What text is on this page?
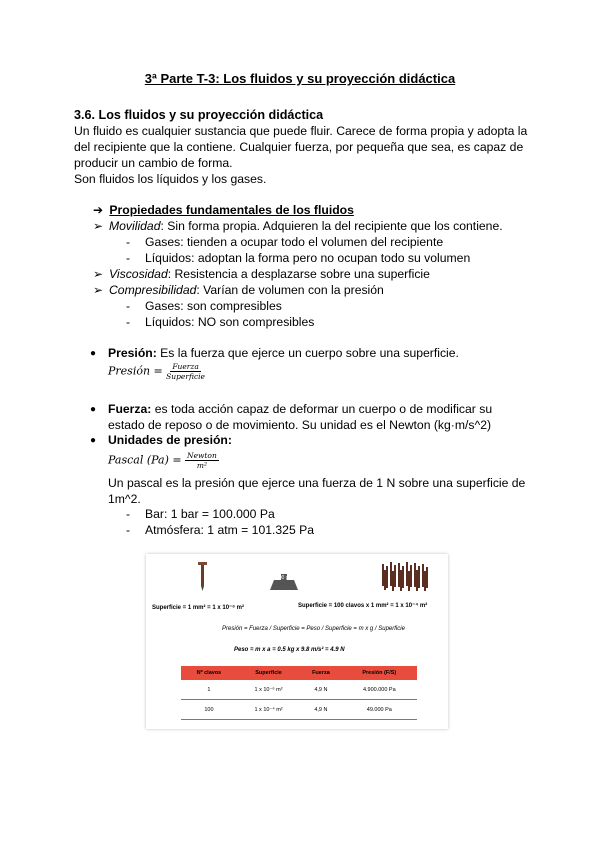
3ª Parte T-3: Los fluidos y su proyección didáctica
3.6. Los fluidos y su proyección didáctica
Un fluido es cualquier sustancia que puede fluir. Carece de forma propia y adopta la
del recipiente que la contiene. Cualquier fuerza, por pequeña que sea, es capaz de
producir un cambio de forma.
Son fluidos los líquidos y los gases.
➔ Propiedades fundamentales de los fluidos
➢ Movilidad: Sin forma propia. Adquieren la del recipiente que los contiene.
- Gases: tienden a ocupar todo el volumen del recipiente
- Líquidos: adoptan la forma pero no ocupan todo su volumen
➢ Viscosidad: Resistencia a desplazarse sobre una superficie
➢ Compresibilidad: Varían de volumen con la presión
- Gases: son compresibles
- Líquidos: NO son compresibles
● Presión: Es la fuerza que ejerce un cuerpo sobre una superficie.
Presión = $\frac{\text{Fuerza}}{\text{Superficie}}$
● Fuerza: es toda acción capaz de deformar un cuerpo o de modificar su
estado de reposo o de movimiento. Su unidad es el Newton (kg·m/s^2)
● Unidades de presión:
Pascal $(Pa) = \frac{\text{Newton}}{\text{m²}}$
Un pascal es la presión que ejerce una fuerza de 1 N sobre una superficie de
1m^2.
- Bar: 1 bar = 100.000 Pa
- Atmósfera: 1 atm = 101.325 Pa
500 g
Superficie = 1 mm² = 1 x 10⁻⁶ m²	Superficie = 100 clavos x 1 mm² = 1 x 10⁻⁴ m²
Presión = Fuerza / Superficie = Peso / Superficie = m x g / Superficie
Peso = m x a = 0.5 kg x 9.8 m/s² = 4.9 N
Nº clavos	Superficie	Fuerza	Presión (F/S)
1	1 x 10⁻⁶ m²	4,9 N	4.900.000 Pa
100	1 x 10⁻⁴ m²	4,9 N	49.000 Pa
